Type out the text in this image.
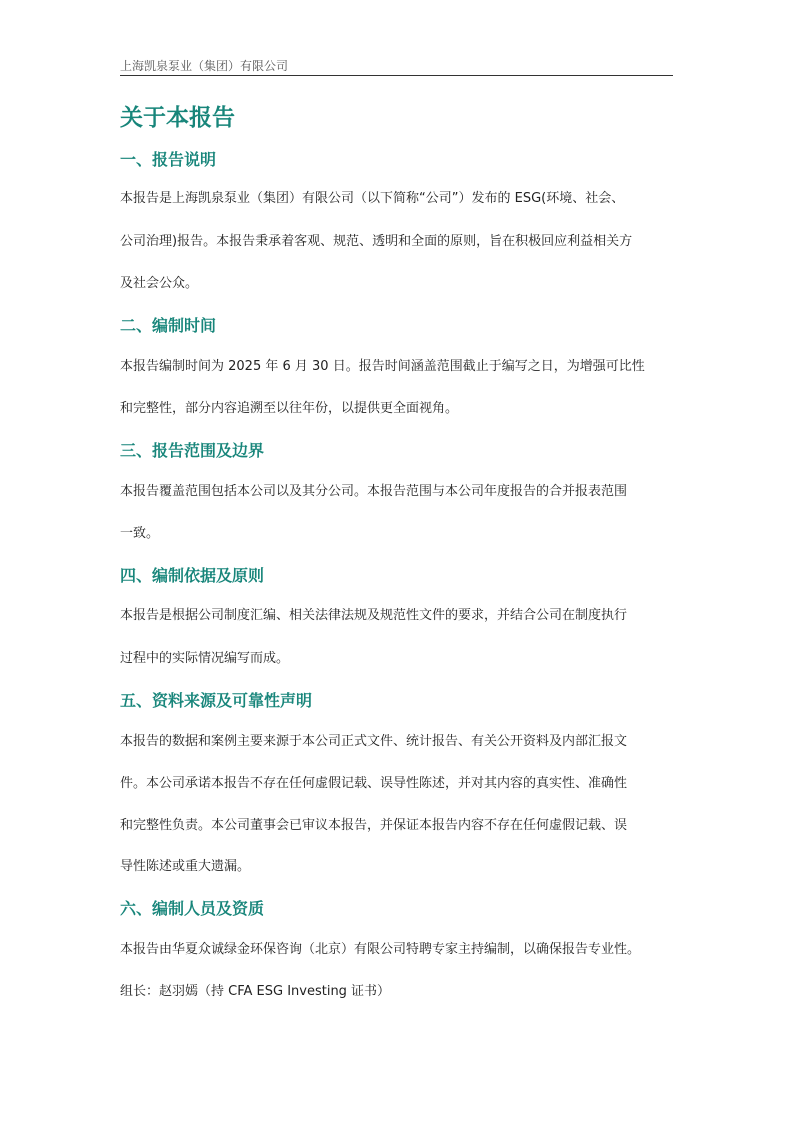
上海凯泉泵业（集团）有限公司
关于本报告
一、报告说明

本报告是上海凯泉泵业（集团）有限公司（以下简称“公司”）发布的 ESG(环境、社会、

公司治理)报告。本报告秉承着客观、规范、透明和全面的原则，旨在积极回应利益相关方

及社会公众。

二、编制时间

本报告编制时间为 2025 年 6 月 30 日。报告时间涵盖范围截止于编写之日，为增强可比性

和完整性，部分内容追溯至以往年份，以提供更全面视角。

三、报告范围及边界

本报告覆盖范围包括本公司以及其分公司。本报告范围与本公司年度报告的合并报表范围

一致。

四、编制依据及原则

本报告是根据公司制度汇编、相关法律法规及规范性文件的要求，并结合公司在制度执行

过程中的实际情况编写而成。

五、资料来源及可靠性声明

本报告的数据和案例主要来源于本公司正式文件、统计报告、有关公开资料及内部汇报文

件。本公司承诺本报告不存在任何虚假记载、误导性陈述，并对其内容的真实性、准确性

和完整性负责。本公司董事会已审议本报告，并保证本报告内容不存在任何虚假记载、误

导性陈述或重大遗漏。

六、编制人员及资质

本报告由华夏众诚绿金环保咨询（北京）有限公司特聘专家主持编制，以确保报告专业性。

组长：赵羽嫣（持 CFA ESG Investing 证书）
